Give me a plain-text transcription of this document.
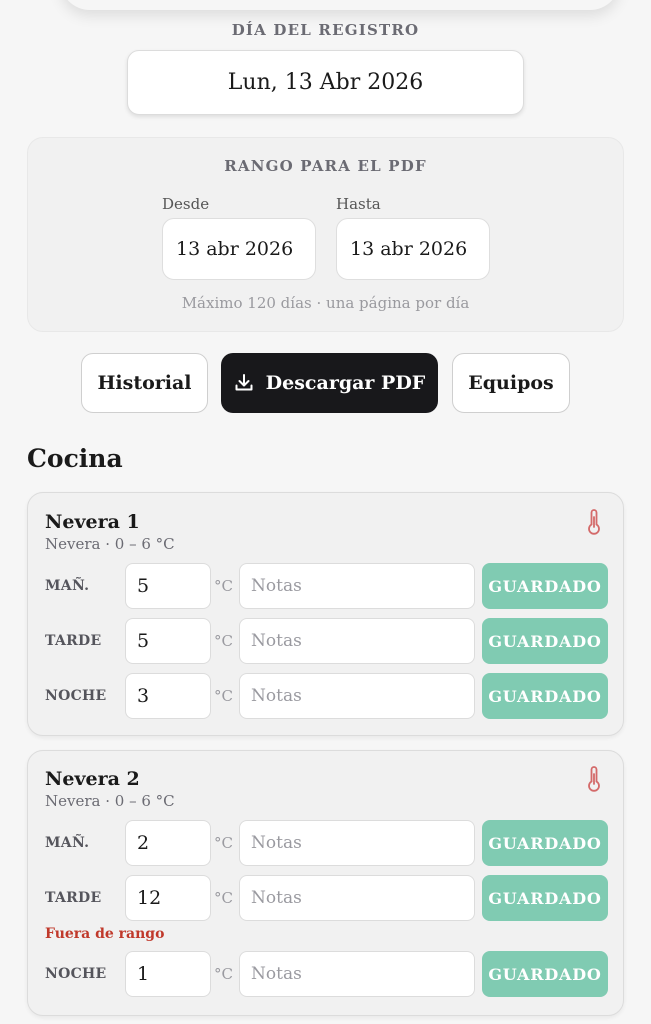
DÍA DEL REGISTRO
Lun, 13 Abr 2026
RANGO PARA EL PDF
Desde	Hasta
13 abr 2026	13 abr 2026
Máximo 120 días · una página por día
Historial	Descargar PDF	Equipos
Cocina
Nevera 1
Nevera · 0 – 6 °C
MAÑ.	5	°C	Notas	GUARDADO
TARDE	5	°C	Notas	GUARDADO
NOCHE	3	°C	Notas	GUARDADO
Nevera 2
Nevera · 0 – 6 °C
MAÑ.	2	°C	Notas	GUARDADO
TARDE	12	°C	Notas	GUARDADO
Fuera de rango
NOCHE	1	°C	Notas	GUARDADO
